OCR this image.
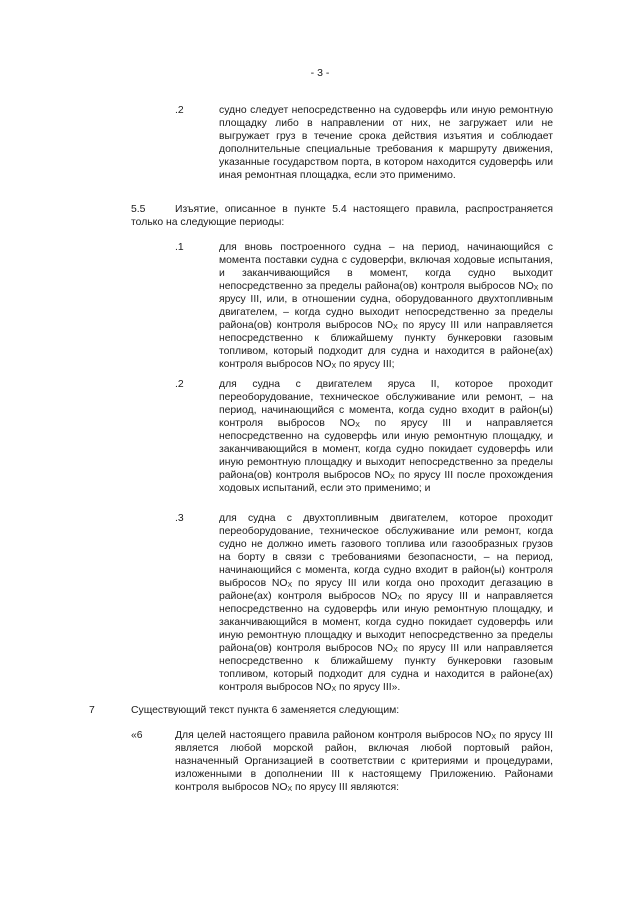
- 3 -
.2	судно следует непосредственно на судоверфь или иную ремонтную площадку либо в направлении от них, не загружает или не выгружает груз в течение срока действия изъятия и соблюдает дополнительные специальные требования к маршруту движения, указанные государством порта, в котором находится судоверфь или иная ремонтная площадка, если это применимо.
5.5	Изъятие, описанное в пункте 5.4 настоящего правила, распространяется только на следующие периоды:
.1	для вновь построенного судна – на период, начинающийся с момента поставки судна с судоверфи, включая ходовые испытания, и заканчивающийся в момент, когда судно выходит непосредственно за пределы района(ов) контроля выбросов $NO_X$ по ярусу III, или, в отношении судна, оборудованного двухтопливным двигателем, – когда судно выходит непосредственно за пределы района(ов) контроля выбросов $NO_X$ по ярусу III или направляется непосредственно к ближайшему пункту бункеровки газовым топливом, который подходит для судна и находится в районе(ах) контроля выбросов $NO_X$ по ярусу III;
.2	для судна с двигателем яруса II, которое проходит переоборудование, техническое обслуживание или ремонт, – на период, начинающийся с момента, когда судно входит в район(ы) контроля выбросов $NO_X$ по ярусу III и направляется непосредственно на судоверфь или иную ремонтную площадку, и заканчивающийся в момент, когда судно покидает судоверфь или иную ремонтную площадку и выходит непосредственно за пределы района(ов) контроля выбросов $NO_X$ по ярусу III после прохождения ходовых испытаний, если это применимо; и
.3	для судна с двухтопливным двигателем, которое проходит переоборудование, техническое обслуживание или ремонт, когда судно не должно иметь газового топлива или газообразных грузов на борту в связи с требованиями безопасности, – на период, начинающийся с момента, когда судно входит в район(ы) контроля выбросов $NO_X$ по ярусу III или когда оно проходит дегазацию в районе(ах) контроля выбросов $NO_X$ по ярусу III и направляется непосредственно на судоверфь или иную ремонтную площадку, и заканчивающийся в момент, когда судно покидает судоверфь или иную ремонтную площадку и выходит непосредственно за пределы района(ов) контроля выбросов $NO_X$ по ярусу III или направляется непосредственно к ближайшему пункту бункеровки газовым топливом, который подходит для судна и находится в районе(ах) контроля выбросов $NO_X$ по ярусу III».
7	Существующий текст пункта 6 заменяется следующим:
«6	Для целей настоящего правила районом контроля выбросов $NO_X$ по ярусу III является любой морской район, включая любой портовый район, назначенный Организацией в соответствии с критериями и процедурами, изложенными в дополнении III к настоящему Приложению. Районами контроля выбросов $NO_X$ по ярусу III являются:
